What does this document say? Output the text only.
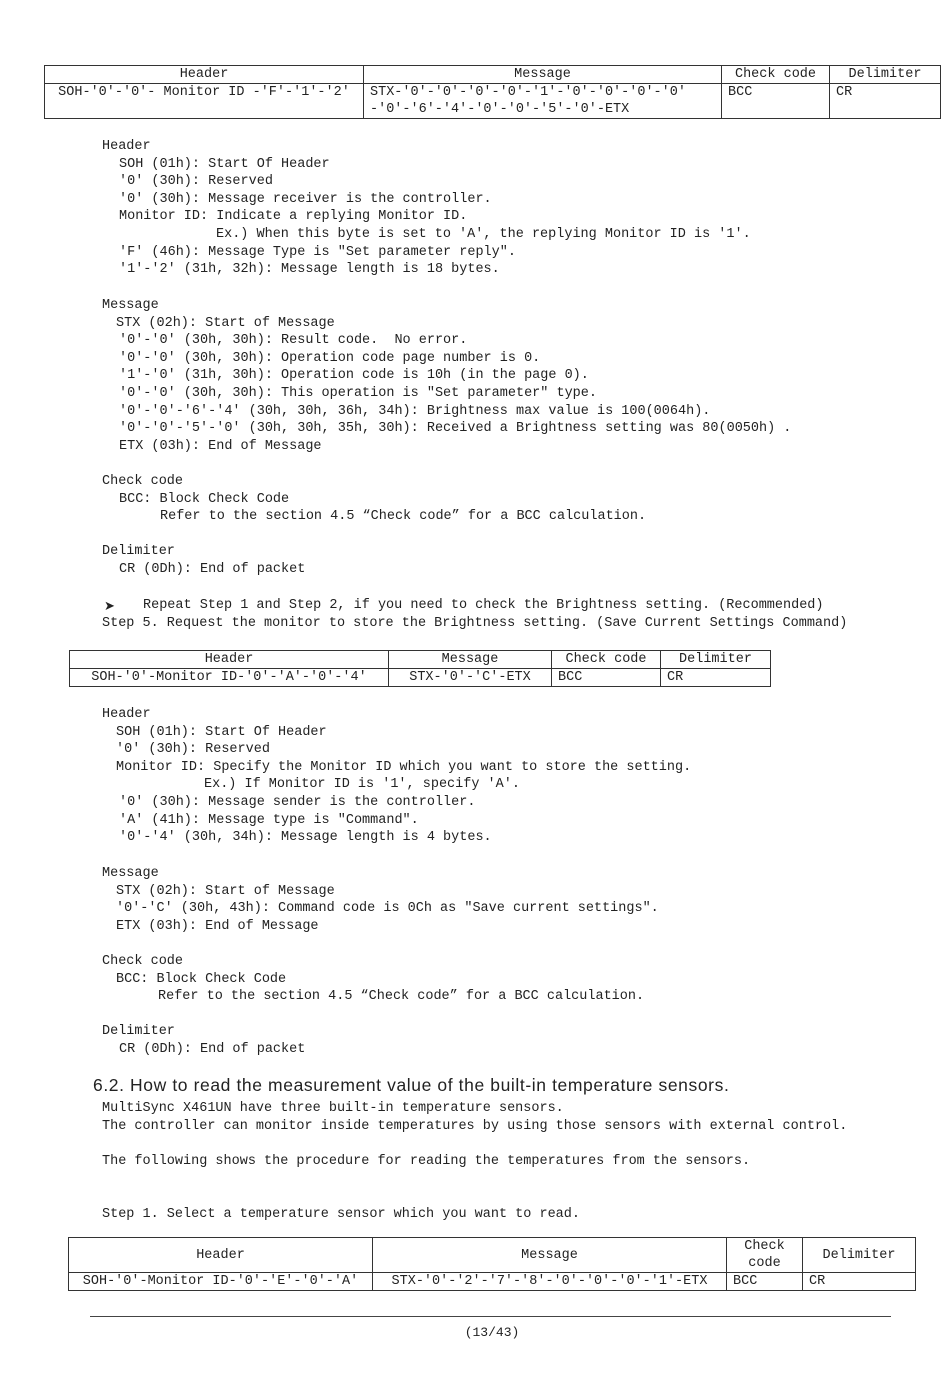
Header	Message	Check code	Delimiter
SOH-'0'-'0'- Monitor ID -'F'-'1'-'2'	STX-'0'-'0'-'0'-'0'-'1'-'0'-'0'-'0'-'0'
-'0'-'6'-'4'-'0'-'0'-'5'-'0'-ETX	BCC	CR
Header
SOH (01h): Start Of Header
'0' (30h): Reserved
'0' (30h): Message receiver is the controller.
Monitor ID: Indicate a replying Monitor ID.
Ex.) When this byte is set to 'A', the replying Monitor ID is '1'.
'F' (46h): Message Type is "Set parameter reply".
'1'-'2' (31h, 32h): Message length is 18 bytes.
Message
STX (02h): Start of Message
'0'-'0' (30h, 30h): Result code.  No error.
'0'-'0' (30h, 30h): Operation code page number is 0.
'1'-'0' (31h, 30h): Operation code is 10h (in the page 0).
'0'-'0' (30h, 30h): This operation is "Set parameter" type.
'0'-'0'-'6'-'4' (30h, 30h, 36h, 34h): Brightness max value is 100(0064h).
'0'-'0'-'5'-'0' (30h, 30h, 35h, 30h): Received a Brightness setting was 80(0050h) .
ETX (03h): End of Message
Check code
BCC: Block Check Code
Refer to the section 4.5 “Check code” for a BCC calculation.
Delimiter
CR (0Dh): End of packet
➤ Repeat Step 1 and Step 2, if you need to check the Brightness setting. (Recommended)
Step 5. Request the monitor to store the Brightness setting. (Save Current Settings Command)
Header	Message	Check code	Delimiter
SOH-'0'-Monitor ID-'0'-'A'-'0'-'4'	STX-'0'-'C'-ETX	BCC	CR
Header
SOH (01h): Start Of Header
'0' (30h): Reserved
Monitor ID: Specify the Monitor ID which you want to store the setting.
Ex.) If Monitor ID is '1', specify 'A'.
'0' (30h): Message sender is the controller.
'A' (41h): Message type is "Command".
'0'-'4' (30h, 34h): Message length is 4 bytes.
Message
STX (02h): Start of Message
'0'-'C' (30h, 43h): Command code is 0Ch as "Save current settings".
ETX (03h): End of Message
Check code
BCC: Block Check Code
Refer to the section 4.5 “Check code” for a BCC calculation.
Delimiter
CR (0Dh): End of packet
6.2. How to read the measurement value of the built-in temperature sensors.
MultiSync X461UN have three built-in temperature sensors.
The controller can monitor inside temperatures by using those sensors with external control.
The following shows the procedure for reading the temperatures from the sensors.
Step 1. Select a temperature sensor which you want to read.
Header	Message	Check code	Delimiter
SOH-'0'-Monitor ID-'0'-'E'-'0'-'A'	STX-'0'-'2'-'7'-'8'-'0'-'0'-'0'-'1'-ETX	BCC	CR
(13/43)
